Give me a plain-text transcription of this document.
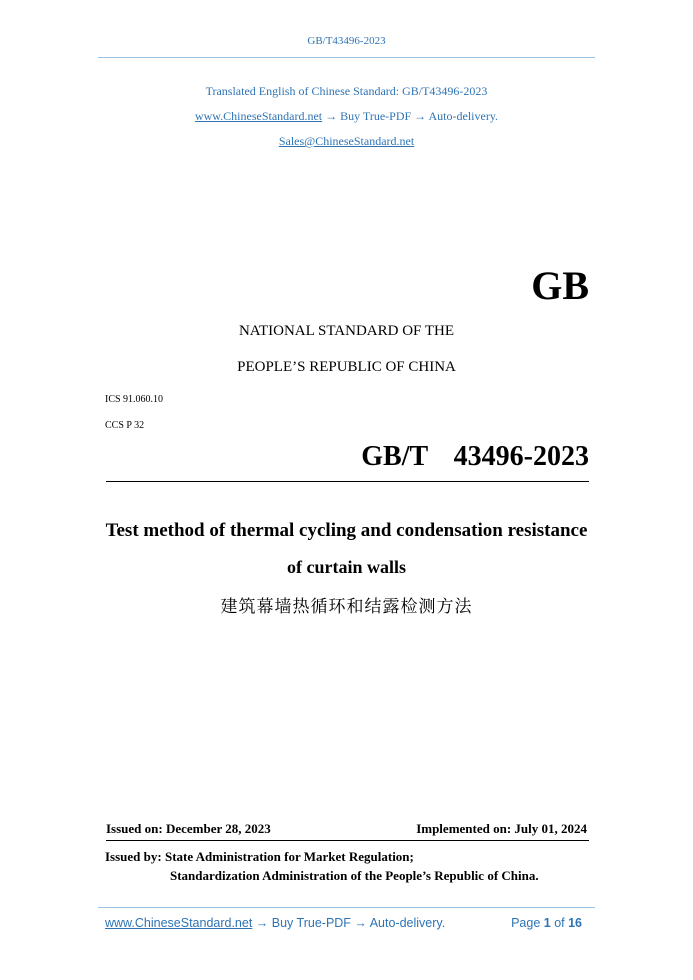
GB/T43496-2023
Translated English of Chinese Standard: GB/T43496-2023
www.ChineseStandard.net → Buy True-PDF → Auto-delivery.
Sales@ChineseStandard.net
GB
NATIONAL STANDARD OF THE
PEOPLE’S REPUBLIC OF CHINA
ICS 91.060.10
CCS P 32
GB/T  43496-2023
Test method of thermal cycling and condensation resistance
of curtain walls
建筑幕墙热循环和结露检测方法
Issued on: December 28, 2023	Implemented on: July 01, 2024
Issued by: State Administration for Market Regulation;
Standardization Administration of the People’s Republic of China.
www.ChineseStandard.net → Buy True-PDF → Auto-delivery.	Page 1 of 16
